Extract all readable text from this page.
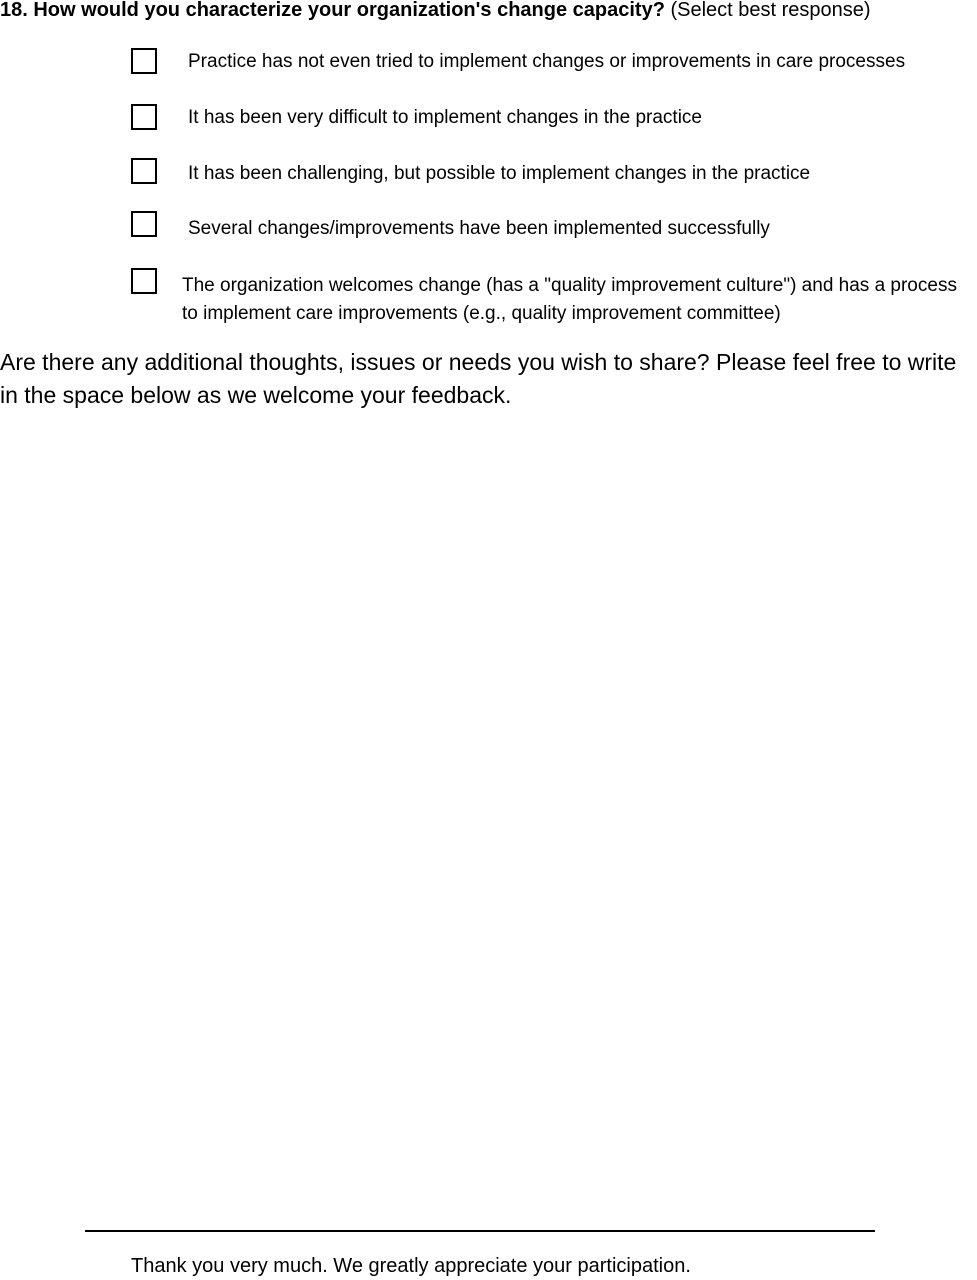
18. How would you characterize your organization's change capacity? (Select best response)
Practice has not even tried to implement changes or improvements in care processes
It has been very difficult to implement changes in the practice
It has been challenging, but possible to implement changes in the practice
Several changes/improvements have been implemented successfully
The organization welcomes change (has a "quality improvement culture") and has a process to implement care improvements (e.g., quality improvement committee)
Are there any additional thoughts, issues or needs you wish to share? Please feel free to write in the space below as we welcome your feedback.
Thank you very much. We greatly appreciate your participation.
